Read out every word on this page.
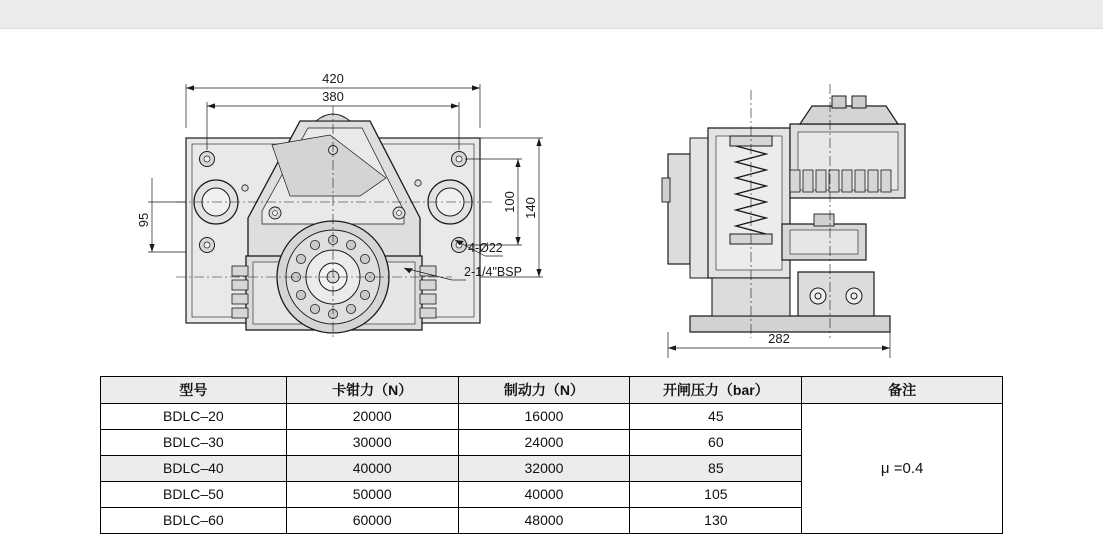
420
380
140
100
95
4-Ø22
2-1/4"BSP
282
型号	卡钳力（N）	制动力（N）	开闸压力（bar）	备注
BDLC–20	20000	16000	45	μ =0.4
BDLC–30	30000	24000	60	
BDLC–40	40000	32000	85	
BDLC–50	50000	40000	105	
BDLC–60	60000	48000	130	
